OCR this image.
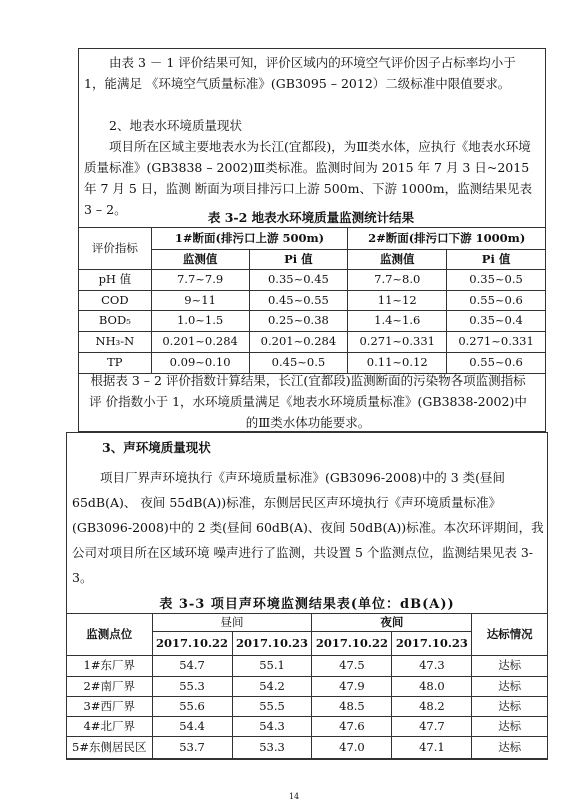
由表 3 － 1 评价结果可知，评价区域内的环境空气评价因子占标率均小于 1，能满足 《环境空气质量标准》(GB3095 – 2012）二级标准中限值要求。

2、地表水环境质量现状

项目所在区域主要地表水为长江(宜都段)，为Ⅲ类水体，应执行《地表水环境质量标准》(GB3838 – 2002)Ⅲ类标准。监测时间为 2015 年 7 月 3 日~2015 年 7 月 5 日，监测 断面为项目排污口上游 500m、下游 1000m，监测结果见表 3 – 2。

表 3-2 地表水环境质量监测统计结果
评价指标	1#断面(排污口上游 500m)		2#断面(排污口下游 1000m)	
	监测值	Pi 值	监测值	Pi 值
pH 值	7.7~7.9	0.35~0.45	7.7~8.0	0.35~0.5
COD	9~11	0.45~0.55	11~12	0.55~0.6
BOD₅	1.0~1.5	0.25~0.38	1.4~1.6	0.35~0.4
NH₃-N	0.201~0.284	0.201~0.284	0.271~0.331	0.271~0.331
TP	0.09~0.10	0.45~0.5	0.11~0.12	0.55~0.6

根据表 3 – 2 评价指数计算结果，长江(宜都段)监测断面的污染物各项监测指标评 价指数小于 1，水环境质量满足《地表水环境质量标准》(GB3838-2002)中的Ⅲ类水体功能要求。

3、声环境质量现状

项目厂界声环境执行《声环境质量标准》(GB3096-2008)中的 3 类(昼间 65dB(A)、 夜间 55dB(A))标准，东侧居民区声环境执行《声环境质量标准》(GB3096-2008)中的 2 类(昼间 60dB(A)、夜间 50dB(A))标准。本次环评期间，我公司对项目所在区域环境 噪声进行了监测，共设置 5 个监测点位，监测结果见表 3-3。

表 3-3 项目声环境监测结果表(单位：dB(A))
监测点位	昼间		夜间		达标情况
	2017.10.22	2017.10.23	2017.10.22	2017.10.23	
1#东厂界	54.7	55.1	47.5	47.3	达标
2#南厂界	55.3	54.2	47.9	48.0	达标
3#西厂界	55.6	55.5	48.5	48.2	达标
4#北厂界	54.4	54.3	47.6	47.7	达标
5#东侧居民区	53.7	53.3	47.0	47.1	达标
14
